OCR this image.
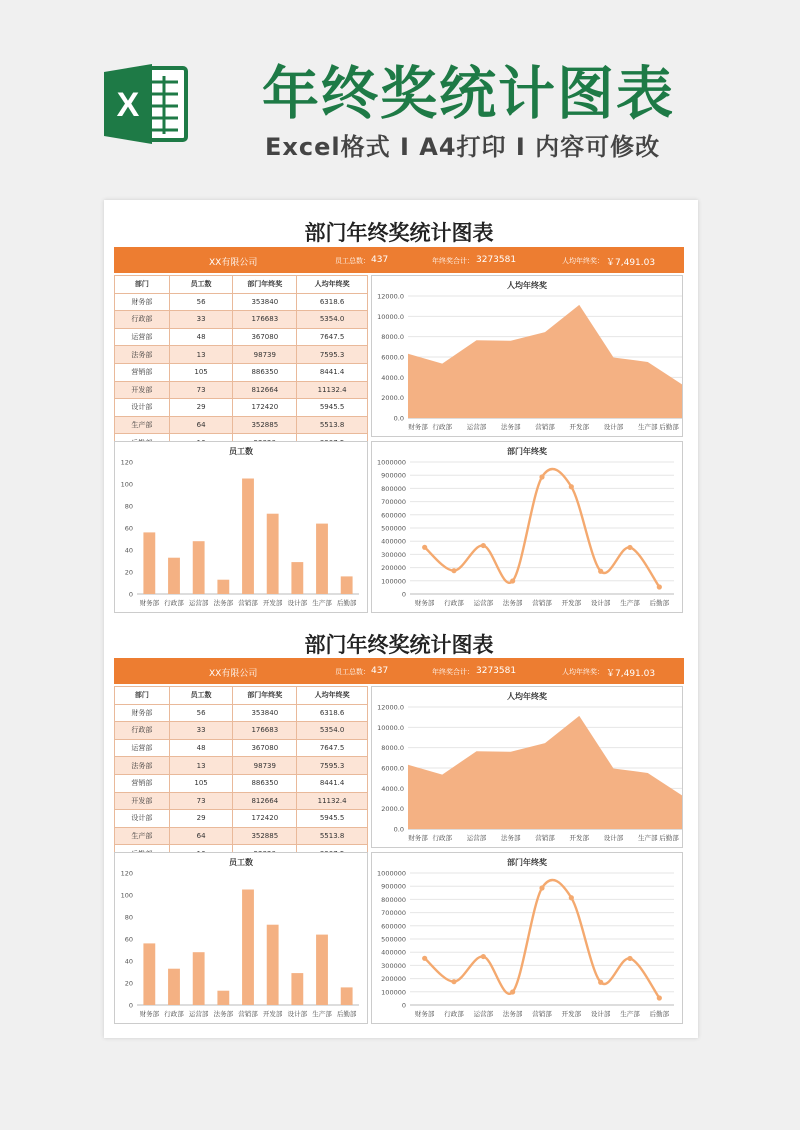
X 年终奖统计图表
Excel格式 I A4打印 I 内容可修改
部门年终奖统计图表
XX有限公司	员工总数： 437	年终奖合计： 3273581	人均年终奖： ￥7,491.03
部门	员工数	部门年终奖	人均年终奖
财务部	56	353840	6318.6
行政部	33	176683	5354.0
运营部	48	367080	7647.5
法务部	13	98739	7595.3
营销部	105	886350	8441.4
开发部	73	812664	11132.4
设计部	29	172420	5945.5
生产部	64	352885	5513.8

人均年终奖
0.0
2000.0
4000.0
6000.0
8000.0
10000.0
12000.0
财务部 行政部 运营部 法务部 营销部 开发部 设计部 生产部 后勤部
员工数
0
20
40
60
80
100
120
财务部 行政部 运营部 法务部 营销部 开发部 设计部 生产部 后勤部
部门年终奖
0
100000
200000
300000
400000
500000
600000
700000
800000
900000
1000000
财务部 行政部 运营部 法务部 营销部 开发部 设计部 生产部 后勤部
部门年终奖统计图表
XX有限公司	员工总数： 437	年终奖合计： 3273581	人均年终奖： ￥7,491.03
部门	员工数	部门年终奖	人均年终奖
财务部	56	353840	6318.6
行政部	33	176683	5354.0
运营部	48	367080	7647.5
法务部	13	98739	7595.3
营销部	105	886350	8441.4
开发部	73	812664	11132.4
设计部	29	172420	5945.5
生产部	64	352885	5513.8

人均年终奖
0.0
2000.0
4000.0
6000.0
8000.0
10000.0
12000.0
财务部 行政部 运营部 法务部 营销部 开发部 设计部 生产部 后勤部
员工数
0
20
40
60
80
100
120
财务部 行政部 运营部 法务部 营销部 开发部 设计部 生产部 后勤部
部门年终奖
0
100000
200000
300000
400000
500000
600000
700000
800000
900000
1000000
财务部 行政部 运营部 法务部 营销部 开发部 设计部 生产部 后勤部
